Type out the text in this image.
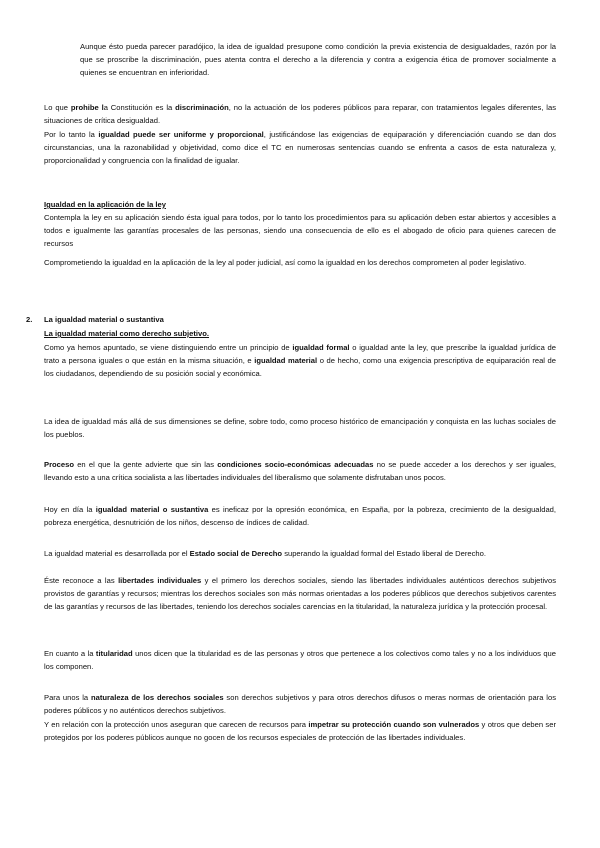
Aunque ésto pueda parecer paradójico, la idea de igualdad presupone como condición la previa existencia de desigualdades, razón por la que se proscribe la discriminación, pues atenta contra el derecho a la diferencia y contra a exigencia ética de promover socialmente a quienes se encuentran en inferioridad.

Lo que prohibe la Constitución es la discriminación, no la actuación de los poderes públicos para reparar, con tratamientos legales diferentes, las situaciones de crítica desigualdad.

Por lo tanto la igualdad puede ser uniforme y proporcional, justificándose las exigencias de equiparación y diferenciación cuando se dan dos circunstancias, una la razonabilidad y objetividad, como dice el TC en numerosas sentencias cuando se enfrenta a casos de esta naturaleza y, proporcionalidad y congruencia con la finalidad de igualar.

Igualdad en la aplicación de la ley

Contempla la ley en su aplicación siendo ésta igual para todos, por lo tanto los procedimientos para su aplicación deben estar abiertos y accesibles a todos e igualmente las garantías procesales de las personas, siendo una consecuencia de ello es el abogado de oficio para quienes carecen de recursos

Comprometiendo la igualdad en la aplicación de la ley al poder judicial, así como la igualdad en los derechos comprometen al poder legislativo.

2. La igualdad material o sustantiva
La igualdad material como derecho subjetivo.

Como ya hemos apuntado, se viene distinguiendo entre un principio de igualdad formal o igualdad ante la ley, que prescribe la igualdad jurídica de trato a persona iguales o que están en la misma situación, e igualdad material o de hecho, como una exigencia prescriptiva de equiparación real de los ciudadanos, dependiendo de su posición social y económica.

La idea de igualdad más allá de sus dimensiones se define, sobre todo, como proceso histórico de emancipación y conquista en las luchas sociales de los pueblos.

Proceso en el que la gente advierte que sin las condiciones socio-económicas adecuadas no se puede acceder a los derechos y ser iguales, llevando esto a una crítica socialista a las libertades individuales del liberalismo que solamente disfrutaban unos pocos.

Hoy en día la igualdad material o sustantiva es ineficaz por la opresión económica, en España, por la pobreza, crecimiento de la desigualdad, pobreza energética, desnutrición de los niños, descenso de índices de calidad.

La igualdad material es desarrollada por el Estado social de Derecho superando la igualdad formal del Estado liberal de Derecho.

Éste reconoce a las libertades individuales y el primero los derechos sociales, siendo las libertades individuales auténticos derechos subjetivos provistos de garantías y recursos; mientras los derechos sociales son más normas orientadas a los poderes públicos que derechos subjetivos carentes de las garantías y recursos de las libertades, teniendo los derechos sociales carencias en la titularidad, la naturaleza jurídica y la protección procesal.

En cuanto a la titularidad unos dicen que la titularidad es de las personas y otros que pertenece a los colectivos como tales y no a los individuos que los componen.

Para unos la naturaleza de los derechos sociales son derechos subjetivos y para otros derechos difusos o meras normas de orientación para los poderes públicos y no auténticos derechos subjetivos.

Y en relación con la protección unos aseguran que carecen de recursos para impetrar su protección cuando son vulnerados y otros que deben ser protegidos por los poderes públicos aunque no gocen de los recursos especiales de protección de las libertades individuales.
